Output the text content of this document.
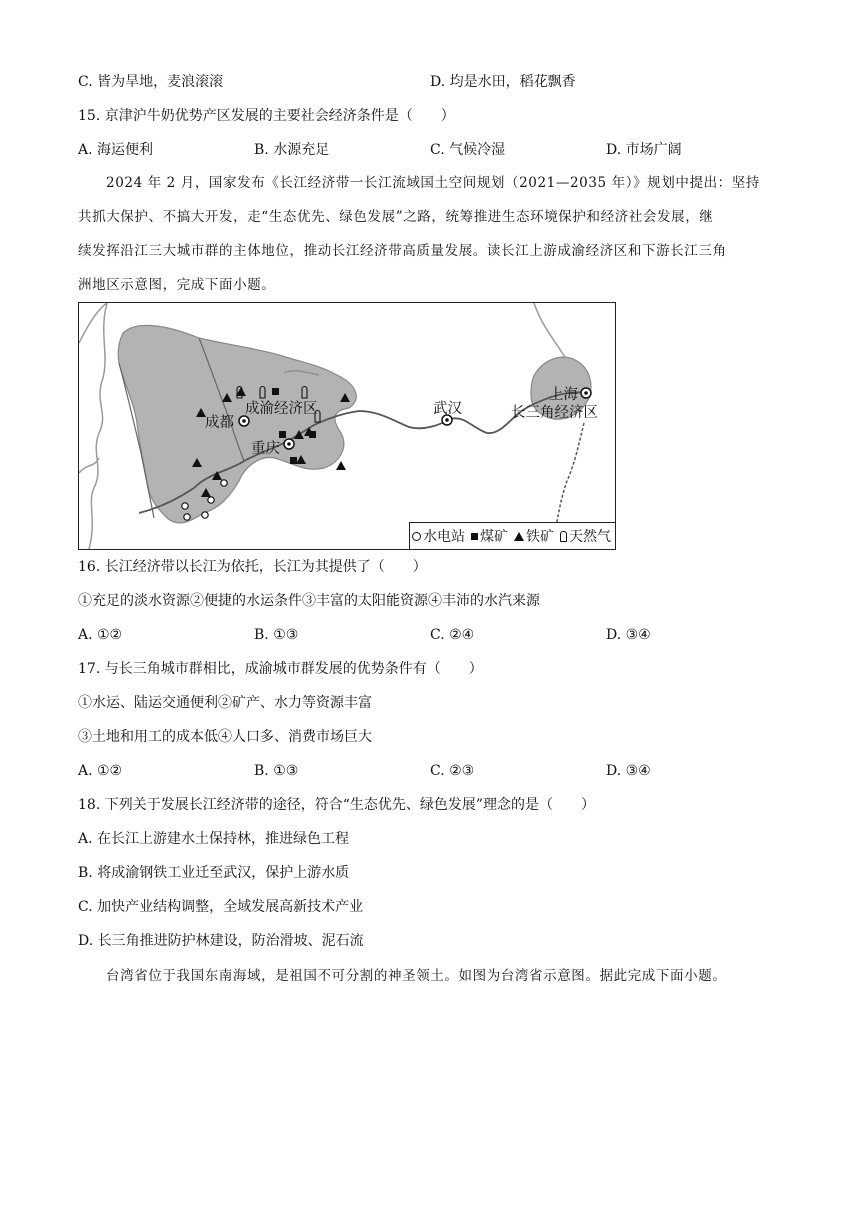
C. 皆为旱地，麦浪滚滚	D. 均是水田，稻花飘香
15. 京津沪牛奶优势产区发展的主要社会经济条件是（　　）
A. 海运便利	B. 水源充足	C. 气候冷湿	D. 市场广阔

2024 年 2 月，国家发布《长江经济带一长江流域国土空间规划（2021—2035 年）》规划中提出：坚持

共抓大保护、不搞大开发，走“生态优先、绿色发展”之路，统筹推进生态环境保护和经济社会发展，继

续发挥沿江三大城市群的主体地位，推动长江经济带高质量发展。读长江上游成渝经济区和下游长江三角

洲地区示意图，完成下面小题。

成都
成渝经济区
重庆
武汉
上海
长三角经济区
水电站 煤矿 铁矿 天然气
16. 长江经济带以长江为依托，长江为其提供了（　　）
①充足的淡水资源②便捷的水运条件③丰富的太阳能资源④丰沛的水汽来源
A. ①②	B. ①③	C. ②④	D. ③④
17. 与长三角城市群相比，成渝城市群发展的优势条件有（　　）
①水运、陆运交通便利②矿产、水力等资源丰富
③土地和用工的成本低④人口多、消费市场巨大
A. ①②	B. ①③	C. ②③	D. ③④
18. 下列关于发展长江经济带的途径，符合“生态优先、绿色发展”理念的是（　　）
A. 在长江上游建水土保持林，推进绿色工程
B. 将成渝钢铁工业迁至武汉，保护上游水质
C. 加快产业结构调整，全域发展高新技术产业
D. 长三角推进防护林建设，防治滑坡、泥石流
台湾省位于我国东南海域，是祖国不可分割的神圣领土。如图为台湾省示意图。据此完成下面小题。
